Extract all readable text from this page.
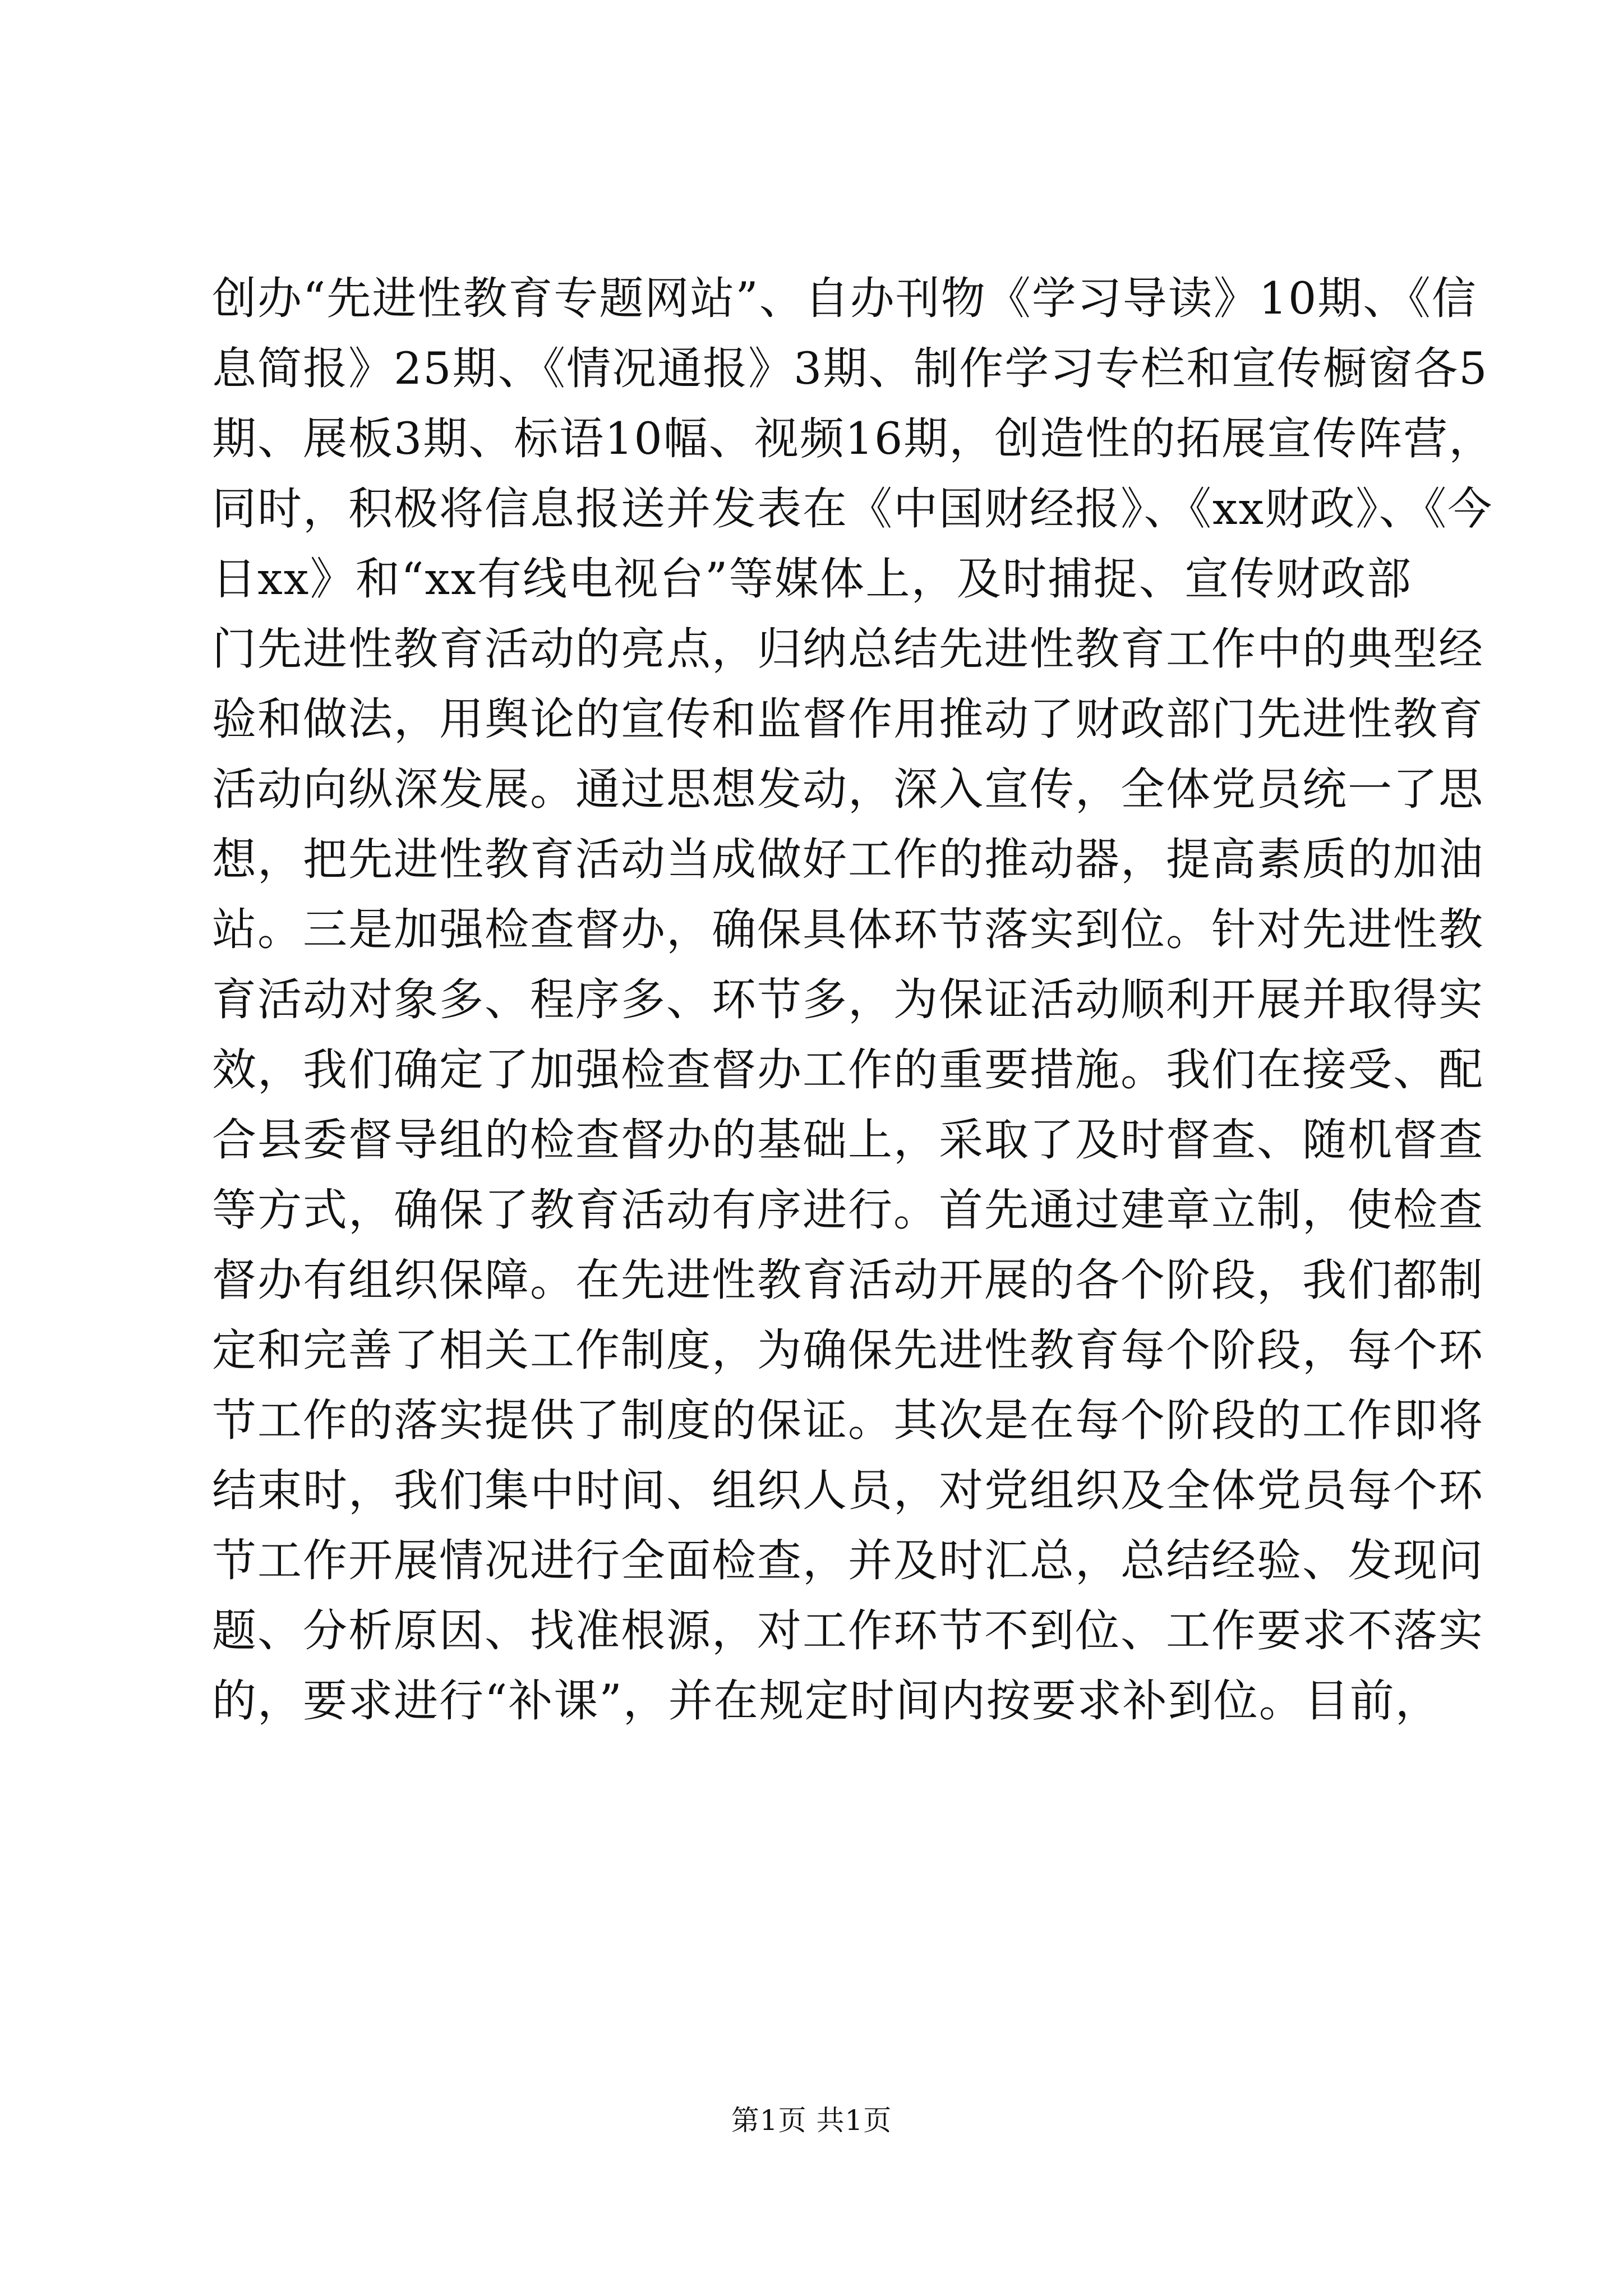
创办“先进性教育专题网站”、自办刊物《学习导读》10期、《信
息简报》25期、《情况通报》3期、制作学习专栏和宣传橱窗各5
期、展板3期、标语10幅、视频16期，创造性的拓展宣传阵营，
同时，积极将信息报送并发表在《中国财经报》、《xx财政》、《今
日xx》和“xx有线电视台”等媒体上，及时捕捉、宣传财政部
门先进性教育活动的亮点，归纳总结先进性教育工作中的典型经
验和做法，用舆论的宣传和监督作用推动了财政部门先进性教育
活动向纵深发展。通过思想发动，深入宣传，全体党员统一了思
想，把先进性教育活动当成做好工作的推动器，提高素质的加油
站。三是加强检查督办，确保具体环节落实到位。针对先进性教
育活动对象多、程序多、环节多，为保证活动顺利开展并取得实
效，我们确定了加强检查督办工作的重要措施。我们在接受、配
合县委督导组的检查督办的基础上，采取了及时督查、随机督查
等方式，确保了教育活动有序进行。首先通过建章立制，使检查
督办有组织保障。在先进性教育活动开展的各个阶段，我们都制
定和完善了相关工作制度，为确保先进性教育每个阶段，每个环
节工作的落实提供了制度的保证。其次是在每个阶段的工作即将
结束时，我们集中时间、组织人员，对党组织及全体党员每个环
节工作开展情况进行全面检查，并及时汇总，总结经验、发现问
题、分析原因、找准根源，对工作环节不到位、工作要求不落实
的，要求进行“补课”，并在规定时间内按要求补到位。目前，
第1页 共1页
